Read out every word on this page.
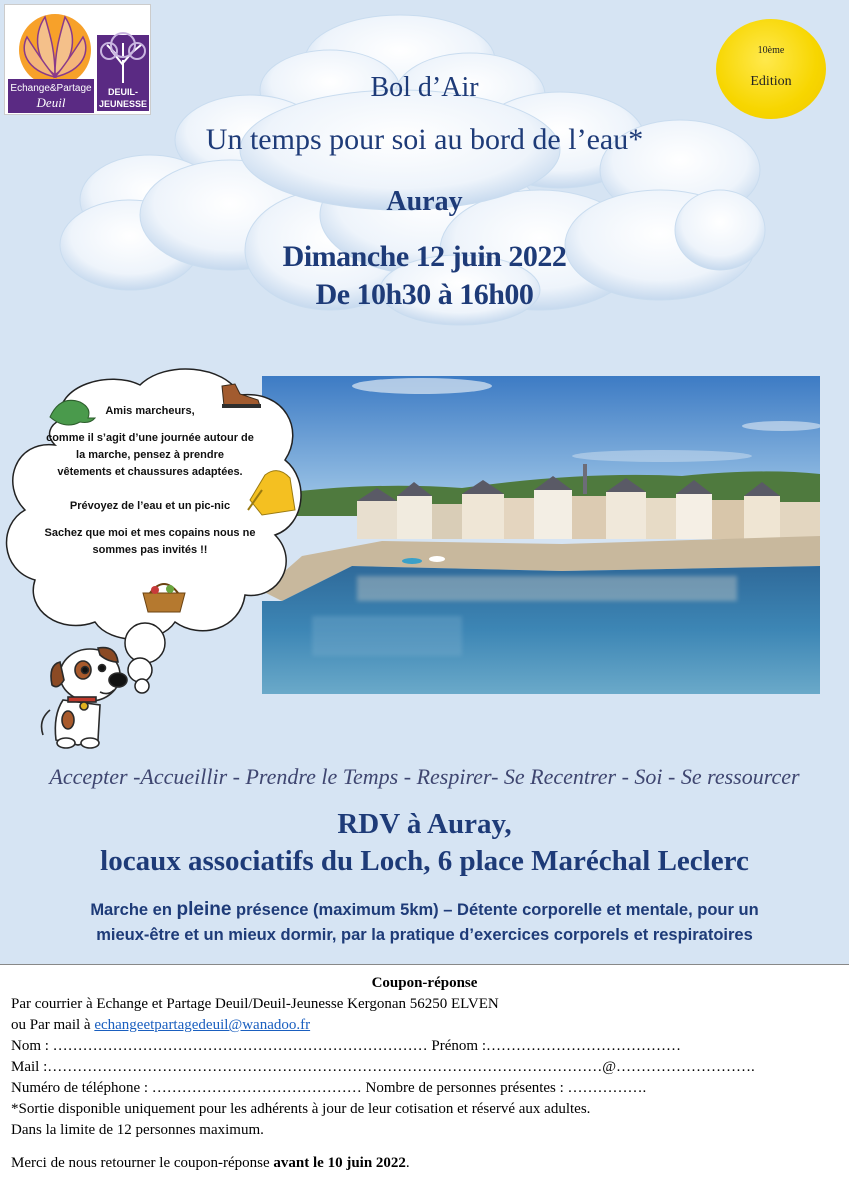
Echange&Partage
Deuil
DEUIL-
JEUNESSE
10ème
Edition
Bol d’Air
Un temps pour soi au bord de l’eau*
Auray
Dimanche 12 juin 2022
De 10h30 à 16h00
Amis marcheurs,
comme il s’agit d’une journée autour de
la marche, pensez à prendre
vêtements et chaussures adaptées.
Prévoyez de l’eau et un pic-nic
Sachez que moi et mes copains nous ne
sommes pas invités !!
Accepter -Accueillir - Prendre le Temps - Respirer- Se Recentrer - Soi - Se ressourcer
RDV à Auray,
locaux associatifs du Loch, 6 place Maréchal Leclerc
Marche en pleine présence (maximum 5km) – Détente corporelle et mentale, pour un
mieux-être et un mieux dormir, par la pratique d’exercices corporels et respiratoires
Coupon-réponse
Par courrier à Echange et Partage Deuil/Deuil-Jeunesse Kergonan 56250 ELVEN
ou Par mail à echangeetpartagedeuil@wanadoo.fr
Nom : ………………………………………………………………… Prénom :…………………………………
Mail :…………………………………………………………………………………………………@……………………….
Numéro de téléphone : …………………………………… Nombre de personnes présentes : …………….
*Sortie disponible uniquement pour les adhérents à jour de leur cotisation et réservé aux adultes.
Dans la limite de 12 personnes maximum.
Merci de nous retourner le coupon-réponse avant le 10 juin 2022.
